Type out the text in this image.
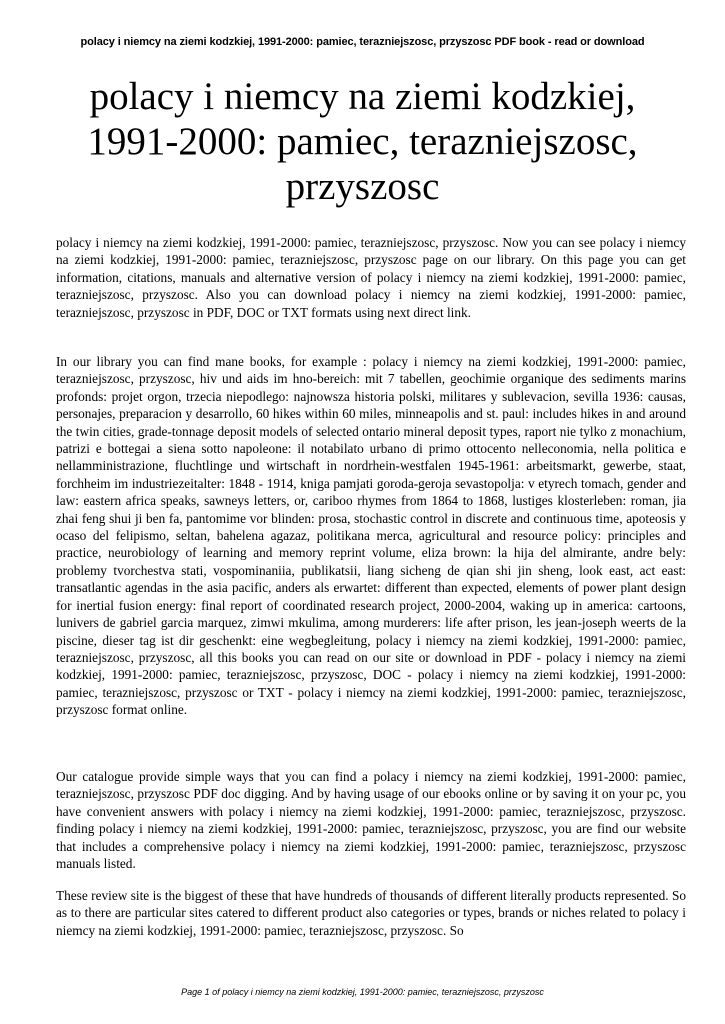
polacy i niemcy na ziemi kodzkiej, 1991-2000: pamiec, terazniejszosc, przyszosc PDF book - read or download
polacy i niemcy na ziemi kodzkiej,
1991-2000: pamiec, terazniejszosc,
przyszosc

polacy i niemcy na ziemi kodzkiej, 1991-2000: pamiec, terazniejszosc, przyszosc. Now you can see polacy i niemcy na ziemi kodzkiej, 1991-2000: pamiec, terazniejszosc, przyszosc page on our library. On this page you can get information, citations, manuals and alternative version of polacy i niemcy na ziemi kodzkiej, 1991-2000: pamiec, terazniejszosc, przyszosc. Also you can download polacy i niemcy na ziemi kodzkiej, 1991-2000: pamiec, terazniejszosc, przyszosc in PDF, DOC or TXT formats using next direct link.

In our library you can find mane books, for example : polacy i niemcy na ziemi kodzkiej, 1991-2000: pamiec, terazniejszosc, przyszosc, hiv und aids im hno-bereich: mit 7 tabellen, geochimie organique des sediments marins profonds: projet orgon, trzecia niepodlego: najnowsza historia polski, militares y sublevacion, sevilla 1936: causas, personajes, preparacion y desarrollo, 60 hikes within 60 miles, minneapolis and st. paul: includes hikes in and around the twin cities, grade-tonnage deposit models of selected ontario mineral deposit types, raport nie tylko z monachium, patrizi e bottegai a siena sotto napoleone: il notabilato urbano di primo ottocento nelleconomia, nella politica e nellamministrazione, fluchtlinge und wirtschaft in nordrhein-westfalen 1945-1961: arbeitsmarkt, gewerbe, staat, forchheim im industriezeitalter: 1848 - 1914, kniga pamjati goroda-geroja sevastopolja: v etyrech tomach, gender and law: eastern africa speaks, sawneys letters, or, cariboo rhymes from 1864 to 1868, lustiges klosterleben: roman, jia zhai feng shui ji ben fa, pantomime vor blinden: prosa, stochastic control in discrete and continuous time, apoteosis y ocaso del felipismo, seltan, bahelena agazaz, politikana merca, agricultural and resource policy: principles and practice, neurobiology of learning and memory reprint volume, eliza brown: la hija del almirante, andre bely: problemy tvorchestva stati, vospominaniia, publikatsii, liang sicheng de qian shi jin sheng, look east, act east: transatlantic agendas in the asia pacific, anders als erwartet: different than expected, elements of power plant design for inertial fusion energy: final report of coordinated research project, 2000-2004, waking up in america: cartoons, lunivers de gabriel garcia marquez, zimwi mkulima, among murderers: life after prison, les jean-joseph weerts de la piscine, dieser tag ist dir geschenkt: eine wegbegleitung, polacy i niemcy na ziemi kodzkiej, 1991-2000: pamiec, terazniejszosc, przyszosc, all this books you can read on our site or download in PDF - polacy i niemcy na ziemi kodzkiej, 1991-2000: pamiec, terazniejszosc, przyszosc, DOC - polacy i niemcy na ziemi kodzkiej, 1991-2000: pamiec, terazniejszosc, przyszosc or TXT - polacy i niemcy na ziemi kodzkiej, 1991-2000: pamiec, terazniejszosc, przyszosc format online.

Our catalogue provide simple ways that you can find a polacy i niemcy na ziemi kodzkiej, 1991-2000: pamiec, terazniejszosc, przyszosc PDF doc digging. And by having usage of our ebooks online or by saving it on your pc, you have convenient answers with polacy i niemcy na ziemi kodzkiej, 1991-2000: pamiec, terazniejszosc, przyszosc. finding polacy i niemcy na ziemi kodzkiej, 1991-2000: pamiec, terazniejszosc, przyszosc, you are find our website that includes a comprehensive polacy i niemcy na ziemi kodzkiej, 1991-2000: pamiec, terazniejszosc, przyszosc manuals listed.

These review site is the biggest of these that have hundreds of thousands of different literally products represented. So as to there are particular sites catered to different product also categories or types, brands or niches related to polacy i niemcy na ziemi kodzkiej, 1991-2000: pamiec, terazniejszosc, przyszosc. So

Page 1 of polacy i niemcy na ziemi kodzkiej, 1991-2000: pamiec, terazniejszosc, przyszosc
